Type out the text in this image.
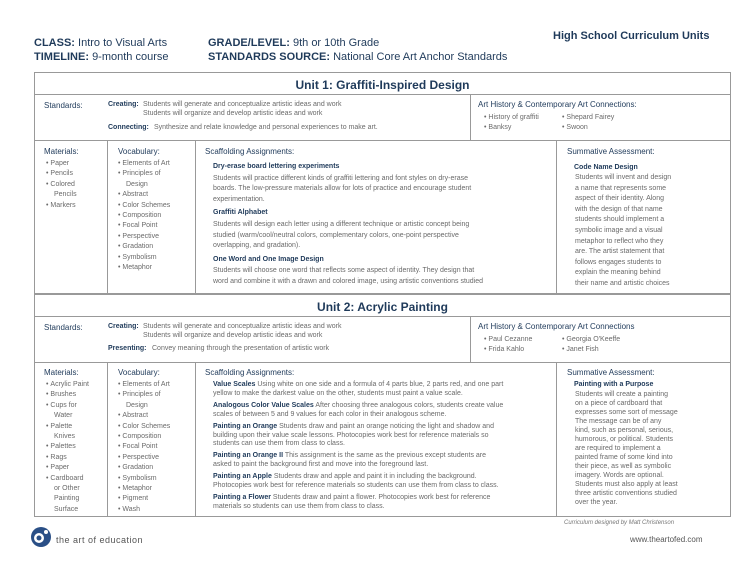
CLASS: Intro to Visual Arts
TIMELINE: 9-month course
GRADE/LEVEL: 9th or 10th Grade
STANDARDS SOURCE: National Core Art Anchor Standards
High School Curriculum Units
Unit 1: Graffiti-Inspired Design
Standards:	Creating: Students will generate and conceptualize artistic ideas and work
Students will organize and develop artistic ideas and work
Connecting: Synthesize and relate knowledge and personal experiences to make art.
Art History & Contemporary Art Connections:
• History of graffiti
• Banksy
• Shepard Fairey
• Swoon
Materials:
• Paper
• Pencils
• Colored
Pencils
• Markers
Vocabulary:
• Elements of Art
• Principles of
Design
• Abstract
• Color Schemes
• Composition
• Focal Point
• Perspective
• Gradation
• Symbolism
• Metaphor
Scaffolding Assignments:
Dry-erase board lettering experiments
Students will practice different kinds of graffiti lettering and font styles on dry-erase
boards. The low-pressure materials allow for lots of practice and encourage student
experimentation.
Graffiti Alphabet
Students will design each letter using a different technique or artistic concept being
studied (warm/cool/neutral colors, complementary colors, one-point perspective
overlapping, and gradation).
One Word and One Image Design
Students will choose one word that reflects some aspect of identity. They design that
word and combine it with a drawn and colored image, using artistic conventions studied
Summative Assessment:
Code Name Design
Students will invent and design
a name that represents some
aspect of their identity. Along
with the design of that name
students should implement a
symbolic image and a visual
metaphor to reflect who they
are. The artist statement that
follows engages students to
explain the meaning behind
their name and artistic choices
Unit 2: Acrylic Painting
Standards:	Creating: Students will generate and conceptualize artistic ideas and work
Students will organize and develop artistic ideas and work
Presenting: Convey meaning through the presentation of artistic work
Art History & Contemporary Art Connections
• Paul Cezanne
• Frida Kahlo
• Georgia O'Keeffe
• Janet Fish
Materials:
• Acrylic Paint
• Brushes
• Cups for
Water
• Palette
Knives
• Palettes
• Rags
• Paper
• Cardboard
or Other
Painting
Surface
Vocabulary:
• Elements of Art
• Principles of
Design
• Abstract
• Color Schemes
• Composition
• Focal Point
• Perspective
• Gradation
• Symbolism
• Metaphor
• Pigment
• Wash
Scaffolding Assignments:
Value Scales Using white on one side and a formula of 4 parts blue, 2 parts red, and one part
yellow to make the darkest value on the other, students must paint a value scale.
Analogous Color Value Scales After choosing three analogous colors, students create value
scales of between 5 and 9 values for each color in their analogous scheme.
Painting an Orange Students draw and paint an orange noticing the light and shadow and
building upon their value scale lessons. Photocopies work best for reference materials so
students can use them from class to class.
Painting an Orange II This assignment is the same as the previous except students are
asked to paint the background first and move into the foreground last.
Painting an Apple Students draw and apple and paint it in including the background.
Photocopies work best for reference materials so students can use them from class to class.
Painting a Flower Students draw and paint a flower. Photocopies work best for reference
materials so students can use them from class to class.
Summative Assessment:
Painting with a Purpose
Students will create a painting
on a piece of cardboard that
expresses some sort of message
The message can be of any
kind, such as personal, serious,
humorous, or political. Students
are required to implement a
painted frame of some kind into
their piece, as well as symbolic
imagery. Words are optional.
Students must also apply at least
three artistic conventions studied
over the year.
Curriculum designed by Matt Christenson
the art of education	www.theartofed.com
